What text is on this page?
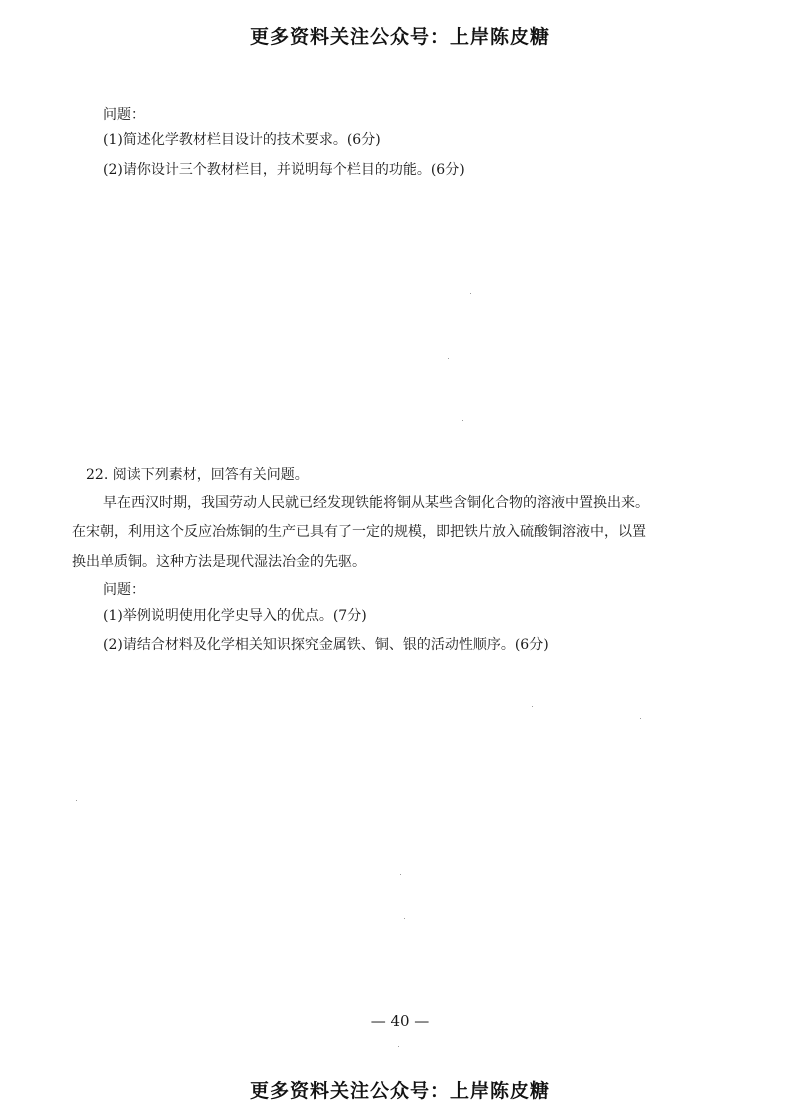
更多资料关注公众号：上岸陈皮糖
问题：
(1)简述化学教材栏目设计的技术要求。(6分)
(2)请你设计三个教材栏目，并说明每个栏目的功能。(6分)
22. 阅读下列素材，回答有关问题。
早在西汉时期，我国劳动人民就已经发现铁能将铜从某些含铜化合物的溶液中置换出来。
在宋朝，利用这个反应冶炼铜的生产已具有了一定的规模，即把铁片放入硫酸铜溶液中，以置
换出单质铜。这种方法是现代湿法冶金的先驱。
问题：
(1)举例说明使用化学史导入的优点。(7分)
(2)请结合材料及化学相关知识探究金属铁、铜、银的活动性顺序。(6分)
— 40 —
更多资料关注公众号：上岸陈皮糖
